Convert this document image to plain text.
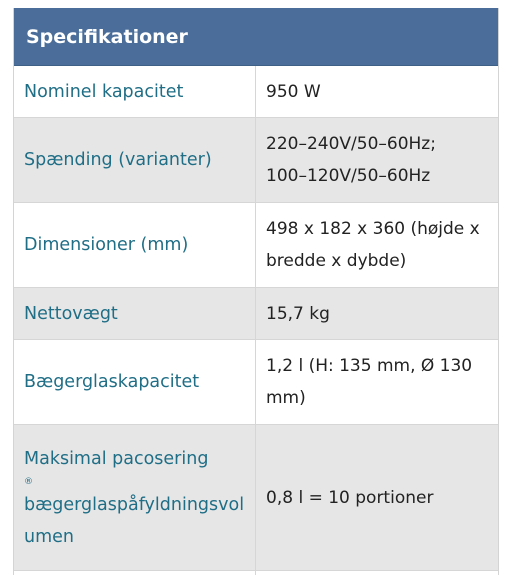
Specifikationer
Nominel kapacitet	950 W
Spænding (varianter)
220–240V/50–60Hz;
100–120V/50–60Hz
Dimensioner (mm)
498 x 182 x 360 (højde x
bredde x dybde)
Nettovægt	15,7 kg
Bægerglaskapacitet
1,2 l (H: 135 mm, Ø 130
mm)
Maksimal pacosering
®
bægerglaspåfyldningsvol
umen
0,8 l = 10 portioner
